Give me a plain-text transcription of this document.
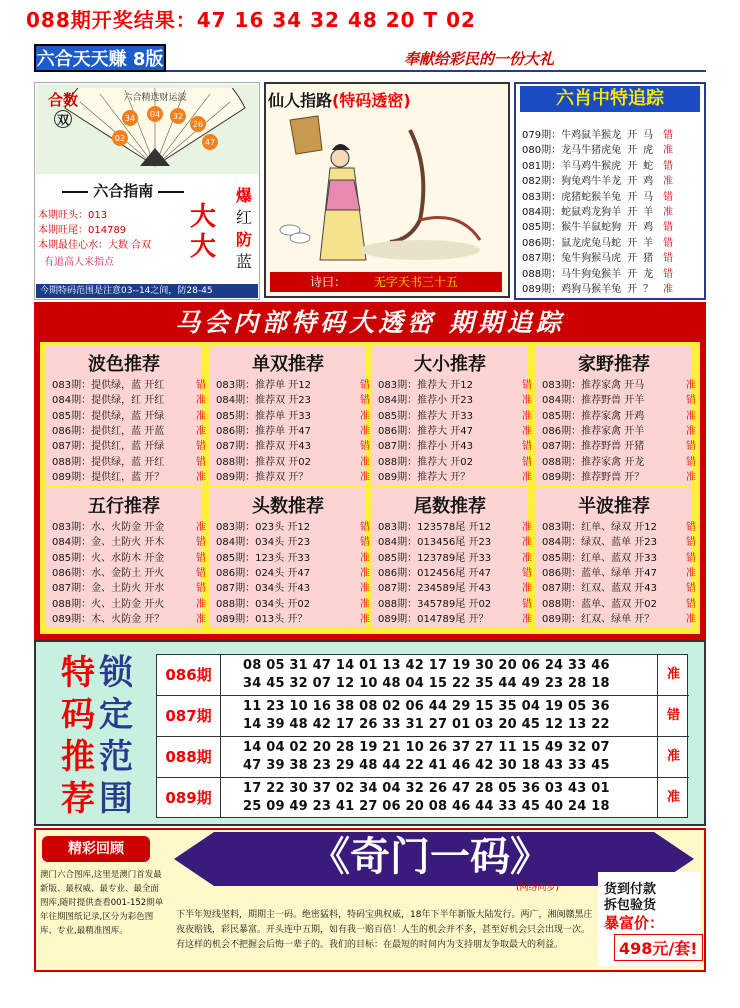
088期开奖结果：47 16 34 32 48 20 T 02
六合天天赚 8版	奉献给彩民的一份大礼
六合精选财运波
02
34 04 32
26
47
合数
双
六合指南
本期旺头：013
本期旺尾：014789
本期最佳心水：大数 合双
有道高人来指点
大
大
爆
红
防
蓝
今期特码范围是注意03--14之间，防28-45
仙人指路(特码透密)
诗曰： 无字天书三十五
六肖中特追踪
079期：牛鸡鼠羊猴龙 开 马 错
080期：龙马牛猪虎兔 开 虎 准
081期：羊马鸡牛猴虎 开 蛇 错
082期：狗兔鸡牛羊龙 开 鸡 准
083期：虎猪蛇猴羊兔 开 马 错
084期：蛇鼠鸡龙狗羊 开 羊 准
085期：猴牛羊鼠蛇狗 开 鸡 错
086期：鼠龙虎兔马蛇 开 羊 错
087期：兔牛狗猴马虎 开 猪 错
088期：马牛狗兔猴羊 开 龙 错
089期：鸡狗马猴羊兔 开 ？ 准
马会内部特码大透密 期期追踪
波色推荐
083期：提供绿，蓝 开红	错
084期：提供绿，红 开红	准
085期：提供绿，蓝 开绿	准
086期：提供红，蓝 开蓝	准
087期：提供红，蓝 开绿	错
088期：提供绿，蓝 开红	错
089期：提供红，蓝 开？	准
单双推荐
083期：推荐单 开12	错
084期：推荐双 开23	错
085期：推荐单 开33	准
086期：推荐单 开47	准
087期：推荐双 开43	错
088期：推荐双 开02	准
089期：推荐双 开？	准
大小推荐
083期：推荐大 开12	错
084期：推荐小 开23	准
085期：推荐大 开33	准
086期：推荐大 开47	准
087期：推荐小 开43	错
088期：推荐大 开02	错
089期：推荐大 开？	准
家野推荐
083期：推荐家禽 开马	准
084期：推荐野兽 开羊	错
085期：推荐家禽 开鸡	准
086期：推荐家禽 开羊	准
087期：推荐野兽 开猪	错
088期：推荐家禽 开龙	错
089期：推荐野兽 开？	准
五行推荐
083期：水、火防金 开金	准
084期：金、土防火 开木	错
085期：火、水防木 开金	错
086期：水、金防土 开火	错
087期：金、土防火 开水	错
088期：火、土防金 开火	准
089期：木、火防金 开？	准
头数推荐
083期：023头 开12	错
084期：034头 开23	错
085期：123头 开33	准
086期：024头 开47	准
087期：034头 开43	准
088期：034头 开02	准
089期：013头 开？	准
尾数推荐
083期：123578尾 开12	准
084期：013456尾 开23	准
085期：123789尾 开33	准
086期：012456尾 开47	错
087期：234589尾 开43	准
088期：345789尾 开02	错
089期：014789尾 开？	准
半波推荐
083期：红单、绿双 开12	错
084期：绿双、蓝单 开23	错
085期：红单、蓝双 开33	错
086期：蓝单、绿单 开47	准
087期：红双、蓝双 开43	错
088期：蓝单、蓝双 开02	错
089期：红双、绿单 开？	准
特
码
推
荐
锁
定
范
围
086期
08 05 31 47 14 01 13 42 17 19 30 20 06 24 33 46
34 45 32 07 12 10 48 04 15 22 35 44 49 23 28 18
准
087期
11 23 10 16 38 08 02 06 44 29 15 35 04 19 05 36
14 39 48 42 17 26 33 31 27 01 03 20 45 12 13 22
错
088期
14 04 02 20 28 19 21 10 26 37 27 11 15 49 32 07
47 39 38 23 29 48 44 22 41 46 42 30 18 43 33 45
准
089期
17 22 30 37 02 34 04 32 26 47 28 05 36 03 43 01
25 09 49 23 41 27 06 20 08 46 44 33 45 40 24 18
准
精彩回顾
澳门六合图库,这里是澳门首发最新版、最权威、最专业、最全面图库,随时提供查看001-152期单年往期图纸记录,区分为彩色图库、专业,最精准图库。
《奇门一码》
(网络同步)
下半年短线坚料，期期主一码。绝密猛料，特码宝典权威，18年下半年新版大陆发行。两广，湘闽赣黑庄夜夜赔钱，彩民暴富。开头连中五期，如有我一赔百倍！人生的机会并不多，甚至好机会只会出现一次。有这样的机会不把握会后悔一辈子的。我们的目标：在最短的时间内为支持朋友争取最大的利益。
货到付款
拆包验货
暴富价：
498元/套!
